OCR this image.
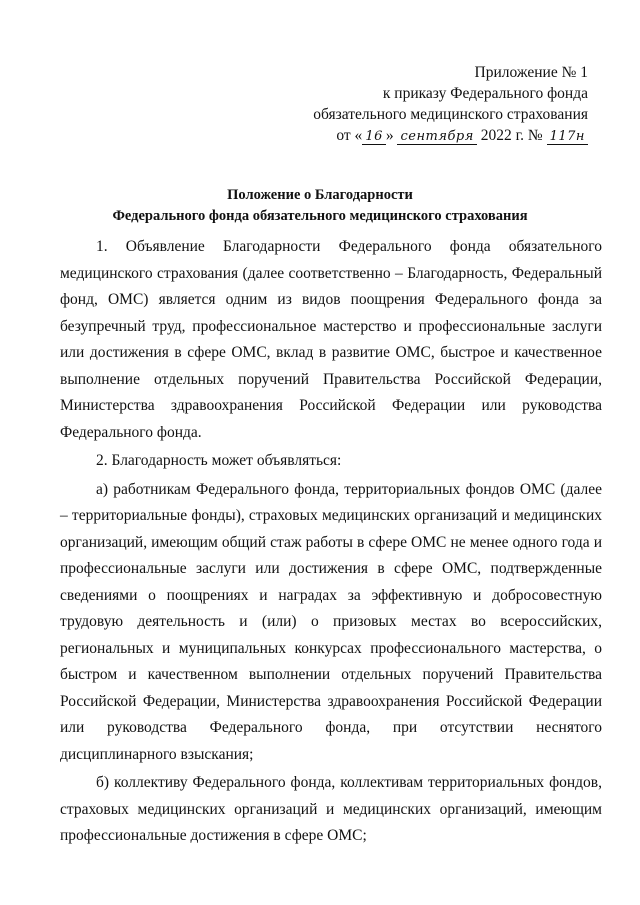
Приложение № 1
к приказу Федерального фонда
обязательного медицинского страхования
от « 16 » сентября 2022 г. № 117н
Положение о Благодарности
Федерального фонда обязательного медицинского страхования

1. Объявление Благодарности Федерального фонда обязательного медицинского страхования (далее соответственно – Благодарность, Федеральный фонд, ОМС) является одним из видов поощрения Федерального фонда за безупречный труд, профессиональное мастерство и профессиональные заслуги или достижения в сфере ОМС, вклад в развитие ОМС, быстрое и качественное выполнение отдельных поручений Правительства Российской Федерации, Министерства здравоохранения Российской Федерации или руководства Федерального фонда.

2. Благодарность может объявляться:

а) работникам Федерального фонда, территориальных фондов ОМС (далее – территориальные фонды), страховых медицинских организаций и медицинских организаций, имеющим общий стаж работы в сфере ОМС не менее одного года и профессиональные заслуги или достижения в сфере ОМС, подтвержденные сведениями о поощрениях и наградах за эффективную и добросовестную трудовую деятельность и (или) о призовых местах во всероссийских, региональных и муниципальных конкурсах профессионального мастерства, о быстром и качественном выполнении отдельных поручений Правительства Российской Федерации, Министерства здравоохранения Российской Федерации или руководства Федерального фонда, при отсутствии неснятого дисциплинарного взыскания;

б) коллективу Федерального фонда, коллективам территориальных фондов, страховых медицинских организаций и медицинских организаций, имеющим профессиональные достижения в сфере ОМС;
